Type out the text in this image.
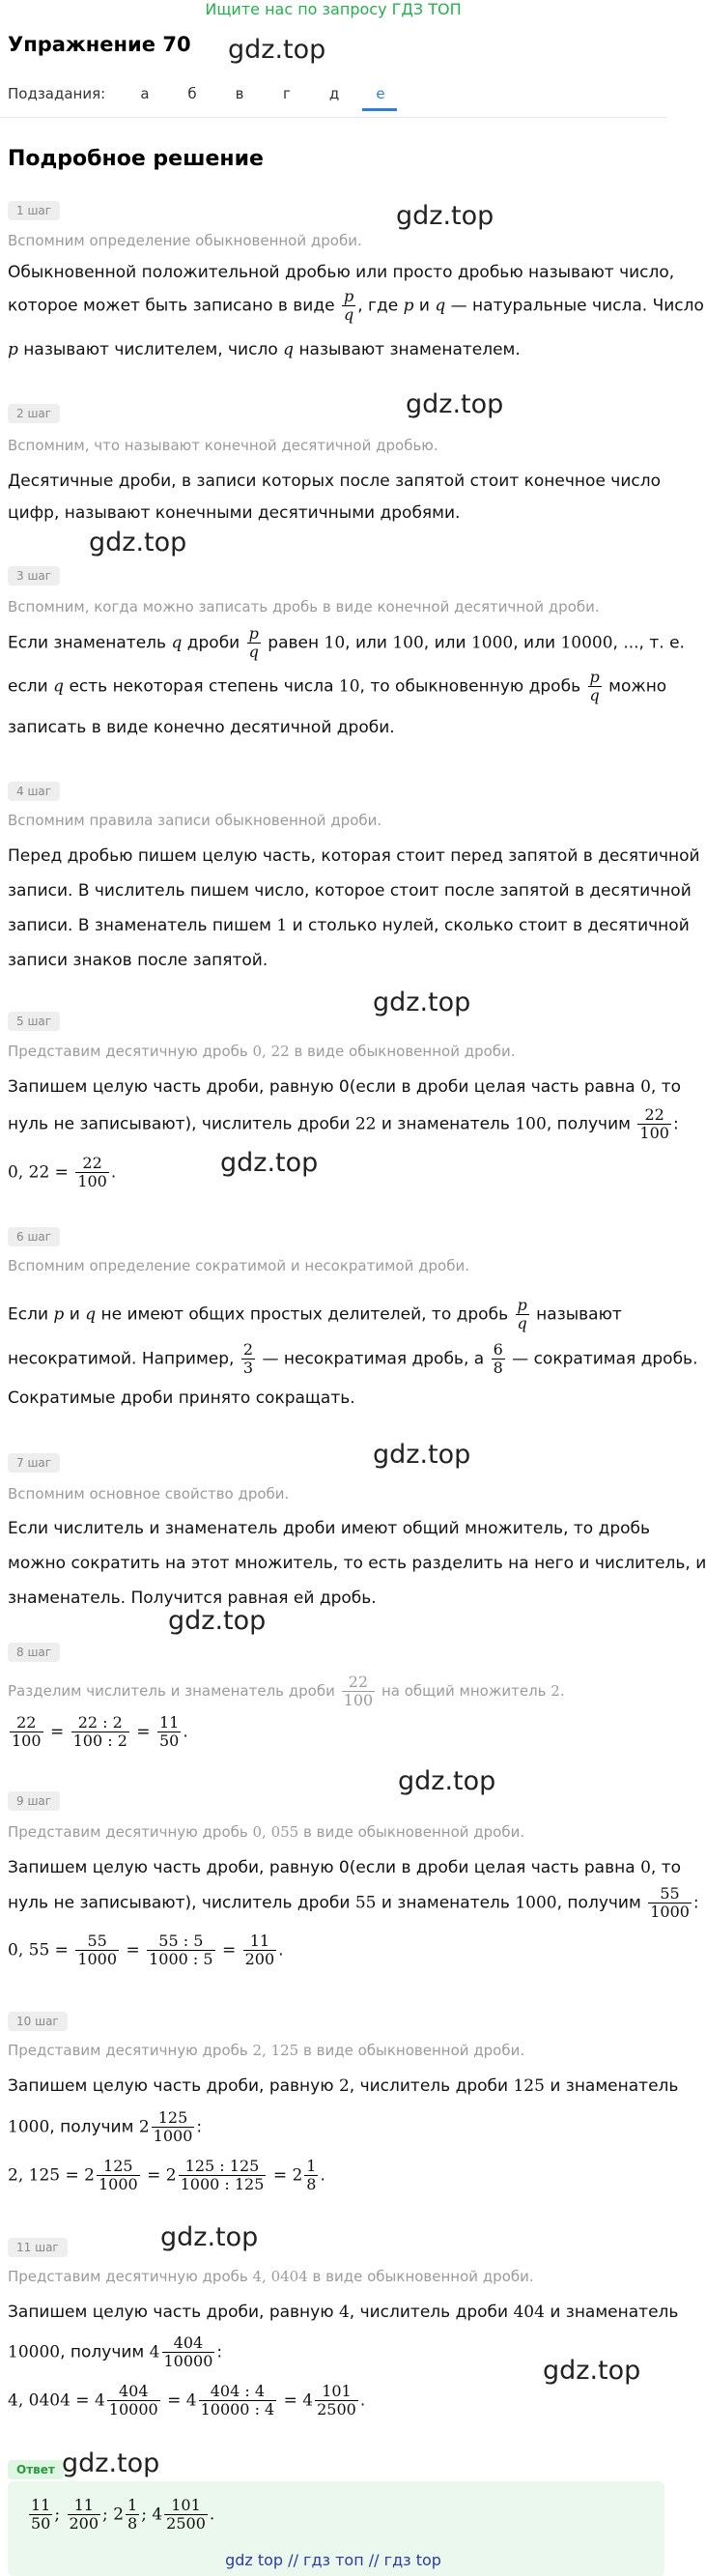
Ищите нас по запросу ГДЗ ТОП
Упражнение 70 gdz.top
Подзадания:	а	б	в	г	д	е
Подробное решение
1 шаг	gdz.top
Вспомним определение обыкновенной дроби.
Обыкновенной положительной дробью или просто дробью называют число,
которое может быть записано в виде $\frac{p}{q}$ , где p и q — натуральные числа. Число
p называют числителем, число q называют знаменателем.
2 шаг	gdz.top
Вспомним, что называют конечной десятичной дробью.
Десятичные дроби, в записи которых после запятой стоит конечное число
цифр, называют конечными десятичными дробями.
gdz.top
3 шаг
Вспомним, когда можно записать дробь в виде конечной десятичной дроби.
Если знаменатель q дроби $\frac{p}{q}$ равен 10, или 100, или 1000, или 10000, ..., т. е.
если q есть некоторая степень числа 10, то обыкновенную дробь $\frac{p}{q}$ можно
записать в виде конечно десятичной дроби.
4 шаг
Вспомним правила записи обыкновенной дроби.
Перед дробью пишем целую часть, которая стоит перед запятой в десятичной
записи. В числитель пишем число, которое стоит после запятой в десятичной
записи. В знаменатель пишем 1 и столько нулей, сколько стоит в десятичной
записи знаков после запятой.
gdz.top
5 шаг
Представим десятичную дробь 0, 22 в виде обыкновенной дроби.
Запишем целую часть дроби, равную 0(если в дроби целая часть равна 0, то
нуль не записывают), числитель дроби 22 и знаменатель 100, получим $\frac{22}{100}$ :
0, $22 = \frac{22}{100}$ .	gdz.top
6 шаг
Вспомним определение сократимой и несократимой дроби.
Если p и q не имеют общих простых делителей, то дробь $\frac{p}{q}$ называют
несократимой. Например, $\frac{2}{3}$ — несократимая дробь, а $\frac{6}{8}$ — сократимая дробь.
Сократимые дроби принято сокращать.
gdz.top
7 шаг
Вспомним основное свойство дроби.
Если числитель и знаменатель дроби имеют общий множитель, то дробь
можно сократить на этот множитель, то есть разделить на него и числитель, и
знаменатель. Получится равная ей дробь.
gdz.top
8 шаг
Разделим числитель и знаменатель дроби $\frac{22}{100}$ на общий множитель 2.
$\frac{22}{100} = \frac{22 : 2}{100 : 2} = \frac{11}{50}$ .
gdz.top
9 шаг
Представим десятичную дробь 0, 055 в виде обыкновенной дроби.
Запишем целую часть дроби, равную 0(если в дроби целая часть равна 0, то
нуль не записывают), числитель дроби 55 и знаменатель 1000, получим $\frac{55}{1000}$ :
0, $55 = \frac{55}{1000} = \frac{55 : 5}{1000 : 5} = \frac{11}{200}$ .
10 шаг
Представим десятичную дробь 2, 125 в виде обыкновенной дроби.
Запишем целую часть дроби, равную 2, числитель дроби 125 и знаменатель
1000, получим $2 \frac{125}{1000}$ :
2, $125 = 2 \frac{125}{1000} = 2 \frac{125 : 125}{1000 : 125} = 2 \frac{1}{8}$ .
11 шаг	gdz.top
Представим десятичную дробь 4, 0404 в виде обыкновенной дроби.
Запишем целую часть дроби, равную 4, числитель дроби 404 и знаменатель
10000, получим $4 \frac{404}{10000}$ :
gdz.top
4, $0404 = 4 \frac{404}{10000} = 4 \frac{404 : 4}{10000 : 4} = 4 \frac{101}{2500}$ .
Ответ gdz.top
$\frac{11}{50}$ ; $\frac{11}{200}$ ; $2 \frac{1}{8}$ ; $4 \frac{101}{2500}$ .
gdz top // гдз топ // гдз top
